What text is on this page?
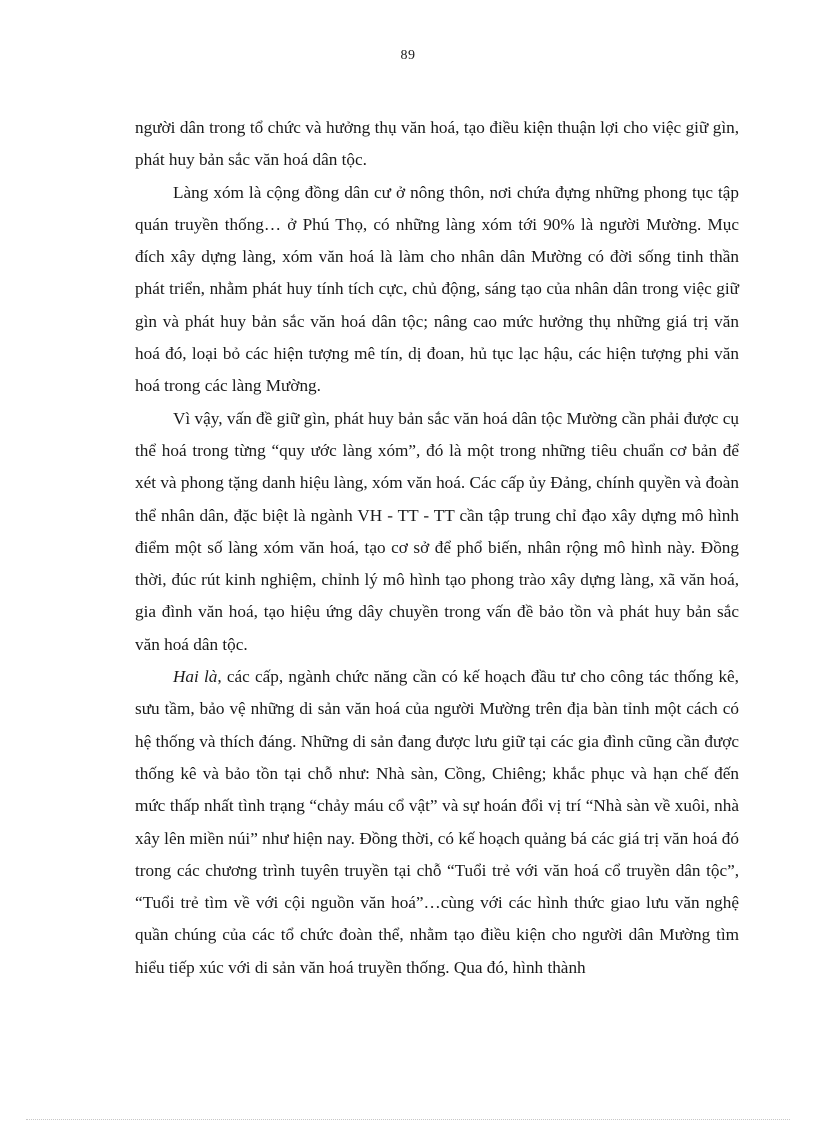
89

người dân trong tổ chức và hưởng thụ văn hoá, tạo điều kiện thuận lợi cho việc giữ gìn, phát huy bản sắc văn hoá dân tộc.

Làng xóm là cộng đồng dân cư ở nông thôn, nơi chứa đựng những phong tục tập quán truyền thống… ở Phú Thọ, có những làng xóm tới 90% là người Mường. Mục đích xây dựng làng, xóm văn hoá là làm cho nhân dân Mường có đời sống tinh thần phát triển, nhằm phát huy tính tích cực, chủ động, sáng tạo của nhân dân trong việc giữ gìn và phát huy bản sắc văn hoá dân tộc; nâng cao mức hưởng thụ những giá trị văn hoá đó, loại bỏ các hiện tượng mê tín, dị đoan, hủ tục lạc hậu, các hiện tượng phi văn hoá trong các làng Mường.

Vì vậy, vấn đề giữ gìn, phát huy bản sắc văn hoá dân tộc Mường cần phải được cụ thể hoá trong từng “quy ước làng xóm”, đó là một trong những tiêu chuẩn cơ bản để xét và phong tặng danh hiệu làng, xóm văn hoá. Các cấp ủy Đảng, chính quyền và đoàn thể nhân dân, đặc biệt là ngành VH - TT - TT cần tập trung chỉ đạo xây dựng mô hình điểm một số làng xóm văn hoá, tạo cơ sở để phổ biến, nhân rộng mô hình này. Đồng thời, đúc rút kinh nghiệm, chỉnh lý mô hình tạo phong trào xây dựng làng, xã văn hoá, gia đình văn hoá, tạo hiệu ứng dây chuyền trong vấn đề bảo tồn và phát huy bản sắc văn hoá dân tộc.

Hai là, các cấp, ngành chức năng cần có kế hoạch đầu tư cho công tác thống kê, sưu tầm, bảo vệ những di sản văn hoá của người Mường trên địa bàn tỉnh một cách có hệ thống và thích đáng. Những di sản đang được lưu giữ tại các gia đình cũng cần được thống kê và bảo tồn tại chỗ như: Nhà sàn, Cồng, Chiêng; khắc phục và hạn chế đến mức thấp nhất tình trạng “chảy máu cổ vật” và sự hoán đổi vị trí “Nhà sàn về xuôi, nhà xây lên miền núi” như hiện nay. Đồng thời, có kế hoạch quảng bá các giá trị văn hoá đó trong các chương trình tuyên truyền tại chỗ “Tuổi trẻ với văn hoá cổ truyền dân tộc”, “Tuổi trẻ tìm về với cội nguồn văn hoá”…cùng với các hình thức giao lưu văn nghệ quần chúng của các tổ chức đoàn thể, nhằm tạo điều kiện cho người dân Mường tìm hiểu tiếp xúc với di sản văn hoá truyền thống. Qua đó, hình thành
